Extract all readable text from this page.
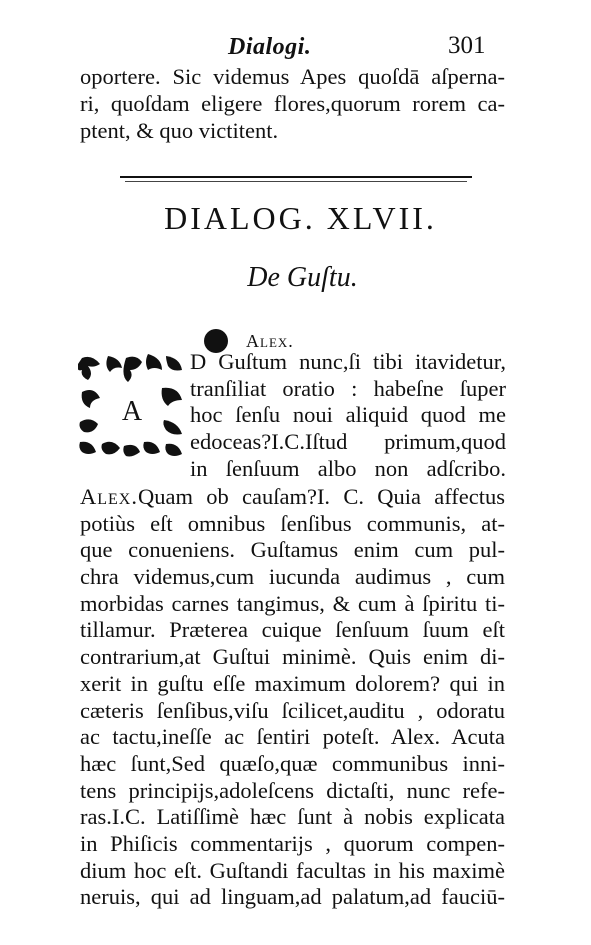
Dialogi.	301
oportere. Sic videmus Apes quoſdā aſperna-
ri, quoſdam eligere flores,quorum rorem ca-
ptent, & quo victitent.
DIALOG. XLVII.
De Guſtu.
Alex.
A
D Guſtum nunc,ſi tibi itavidetur,
tranſiliat oratio : habeſne ſuper
hoc ſenſu noui aliquid quod me
edoceas?I.C.Iſtud primum,quod
in ſenſuum albo non adſcribo.
Alex.Quam ob cauſam?I. C. Quia affectus
potiùs eſt omnibus ſenſibus communis, at-
que conueniens. Guſtamus enim cum pul-
chra videmus,cum iucunda audimus , cum
morbidas carnes tangimus, & cum à ſpiritu ti-
tillamur. Præterea cuique ſenſuum ſuum eſt
contrarium,at Guſtui minimè. Quis enim di-
xerit in guſtu eſſe maximum dolorem? qui in
cæteris ſenſibus,viſu ſcilicet,auditu , odoratu
ac tactu,ineſſe ac ſentiri poteſt. Alex. Acuta
hæc ſunt,Sed quæſo,quæ communibus inni-
tens principijs,adoleſcens dictaſti, nunc refe-
ras.I.C. Latiſſimè hæc ſunt à nobis explicata
in Phiſicis commentarijs , quorum compen-
dium hoc eſt. Guſtandi facultas in his maximè
neruis, qui ad linguam,ad palatum,ad fauciū-
